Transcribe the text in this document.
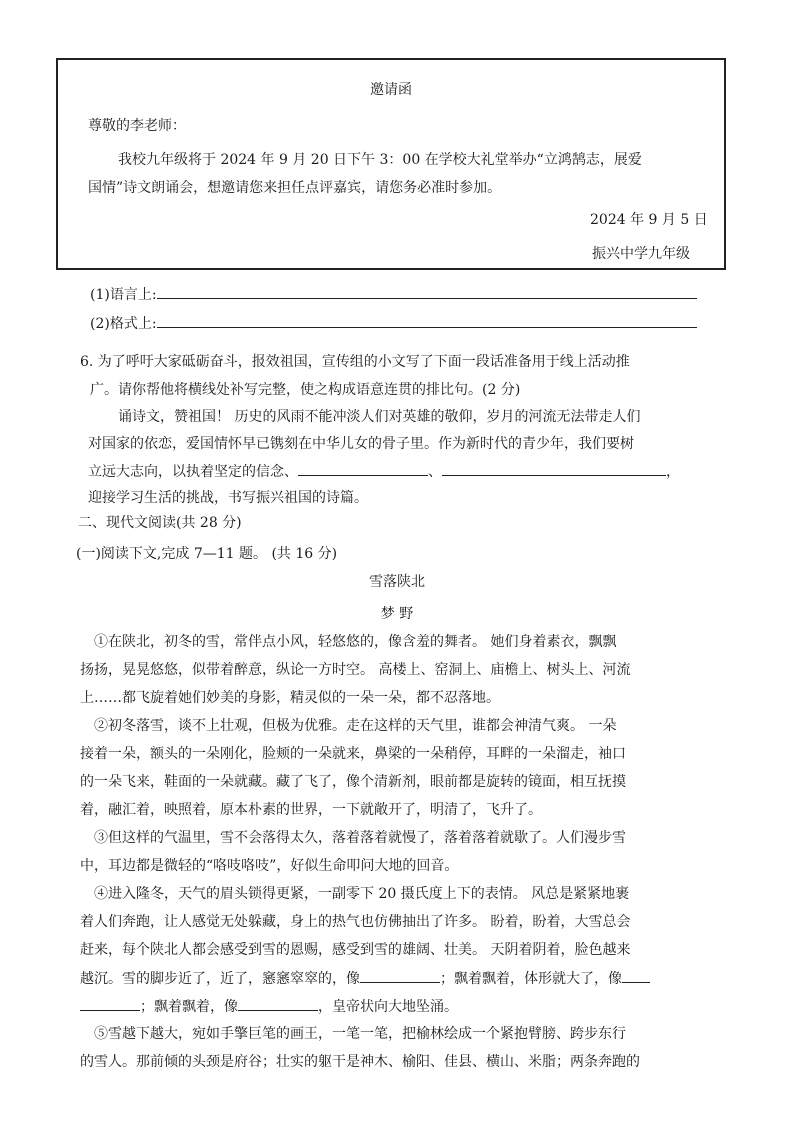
邀请函
尊敬的李老师：
我校九年级将于 2024 年 9 月 20 日下午 3：00 在学校大礼堂举办“立鸿鹄志，展爱
国情”诗文朗诵会，想邀请您来担任点评嘉宾，请您务必准时参加。
2024 年 9 月 5 日
振兴中学九年级
(1)语言上:
(2)格式上:
6. 为了呼吁大家砥砺奋斗，报效祖国，宣传组的小文写了下面一段话准备用于线上活动推
广。请你帮他将横线处补写完整，使之构成语意连贯的排比句。(2 分)
诵诗文，赞祖国！ 历史的风雨不能冲淡人们对英雄的敬仰，岁月的河流无法带走人们
对国家的依恋，爱国情怀早已镌刻在中华儿女的骨子里。作为新时代的青少年，我们要树
立远大志向，以执着坚定的信念、	、	，
迎接学习生活的挑战，书写振兴祖国的诗篇。
二、现代文阅读(共 28 分)
(一)阅读下文,完成 7—11 题。 (共 16 分)
雪落陕北
梦 野
①在陕北，初冬的雪，常伴点小风，轻悠悠的，像含羞的舞者。 她们身着素衣，飘飘
扬扬，晃晃悠悠，似带着醉意，纵论一方时空。 高楼上、窑洞上、庙檐上、树头上、河流
上……都飞旋着她们妙美的身影，精灵似的一朵一朵，都不忍落地。
②初冬落雪，谈不上壮观，但极为优雅。走在这样的天气里，谁都会神清气爽。 一朵
接着一朵，额头的一朵刚化，脸颊的一朵就来，鼻梁的一朵稍停，耳畔的一朵溜走，袖口
的一朵飞来，鞋面的一朵就藏。藏了飞了，像个清新剂，眼前都是旋转的镜面，相互抚摸
着，融汇着，映照着，原本朴素的世界，一下就敞开了，明清了，飞升了。
③但这样的气温里，雪不会落得太久，落着落着就慢了，落着落着就歇了。人们漫步雪
中，耳边都是微轻的“咯吱咯吱”，好似生命叩问大地的回音。
④进入隆冬，天气的眉头锁得更紧，一副零下 20 摄氏度上下的表情。 风总是紧紧地裹
着人们奔跑，让人感觉无处躲藏，身上的热气也仿佛抽出了许多。 盼着，盼着，大雪总会
赶来，每个陕北人都会感受到雪的恩赐，感受到雪的雄阔、壮美。 天阴着阴着，脸色越来
越沉。雪的脚步近了，近了，窸窸窣窣的，像	；飘着飘着，体形就大了，像
；飘着飘着，像	，皇帝状向大地坠涌。
⑤雪越下越大，宛如手擎巨笔的画王，一笔一笔，把榆林绘成一个紧抱臂膀、跨步东行
的雪人。那前倾的头颈是府谷；壮实的躯干是神木、榆阳、佳县、横山、米脂；两条奔跑的
